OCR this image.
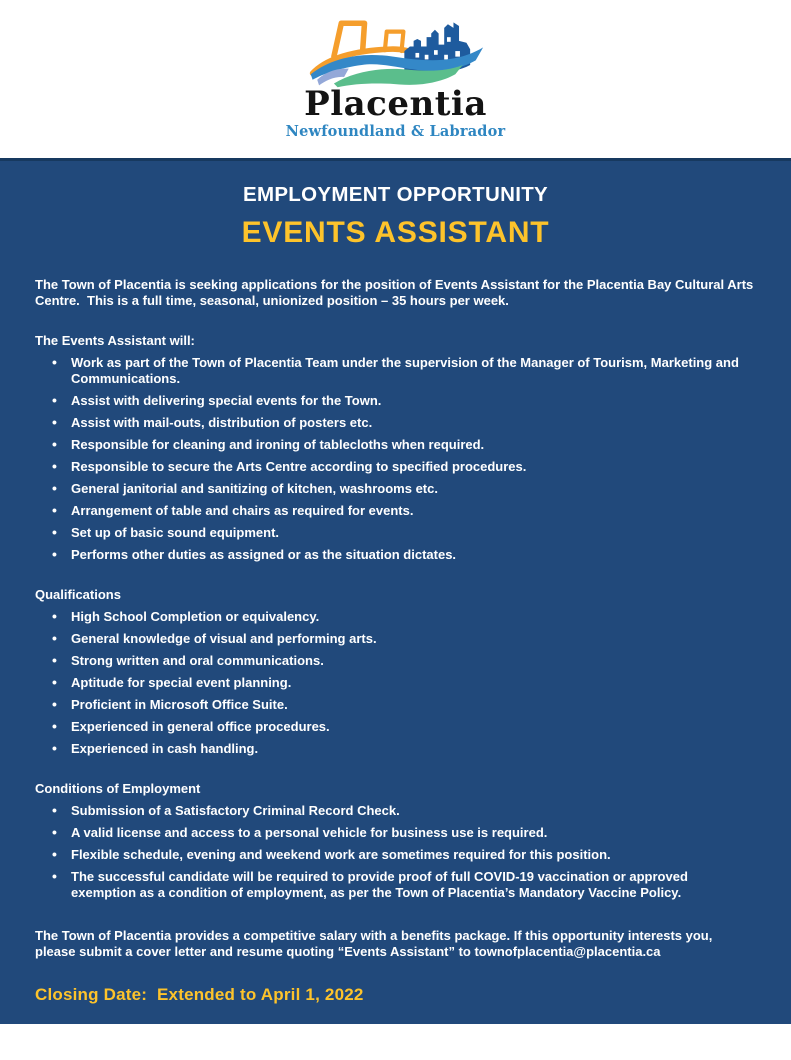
Placentia
Newfoundland & Labrador
EMPLOYMENT OPPORTUNITY
EVENTS ASSISTANT

The Town of Placentia is seeking applications for the position of Events Assistant for the Placentia Bay Cultural Arts Centre.  This is a full time, seasonal, unionized position – 35 hours per week.

The Events Assistant will:
• Work as part of the Town of Placentia Team under the supervision of the Manager of Tourism, Marketing and Communications.
• Assist with delivering special events for the Town.
• Assist with mail-outs, distribution of posters etc.
• Responsible for cleaning and ironing of tablecloths when required.
• Responsible to secure the Arts Centre according to specified procedures.
• General janitorial and sanitizing of kitchen, washrooms etc.
• Arrangement of table and chairs as required for events.
• Set up of basic sound equipment.
• Performs other duties as assigned or as the situation dictates.
Qualifications
• High School Completion or equivalency.
• General knowledge of visual and performing arts.
• Strong written and oral communications.
• Aptitude for special event planning.
• Proficient in Microsoft Office Suite.
• Experienced in general office procedures.
• Experienced in cash handling.
Conditions of Employment
• Submission of a Satisfactory Criminal Record Check.
• A valid license and access to a personal vehicle for business use is required.
• Flexible schedule, evening and weekend work are sometimes required for this position.
• The successful candidate will be required to provide proof of full COVID-19 vaccination or approved exemption as a condition of employment, as per the Town of Placentia’s Mandatory Vaccine Policy.

The Town of Placentia provides a competitive salary with a benefits package. If this opportunity interests you, please submit a cover letter and resume quoting “Events Assistant” to townofplacentia@placentia.ca

Closing Date:  Extended to April 1, 2022

The Town of Placentia would like to thank applicants for their interest. Only those candidates selected for interviews will be contacted.
